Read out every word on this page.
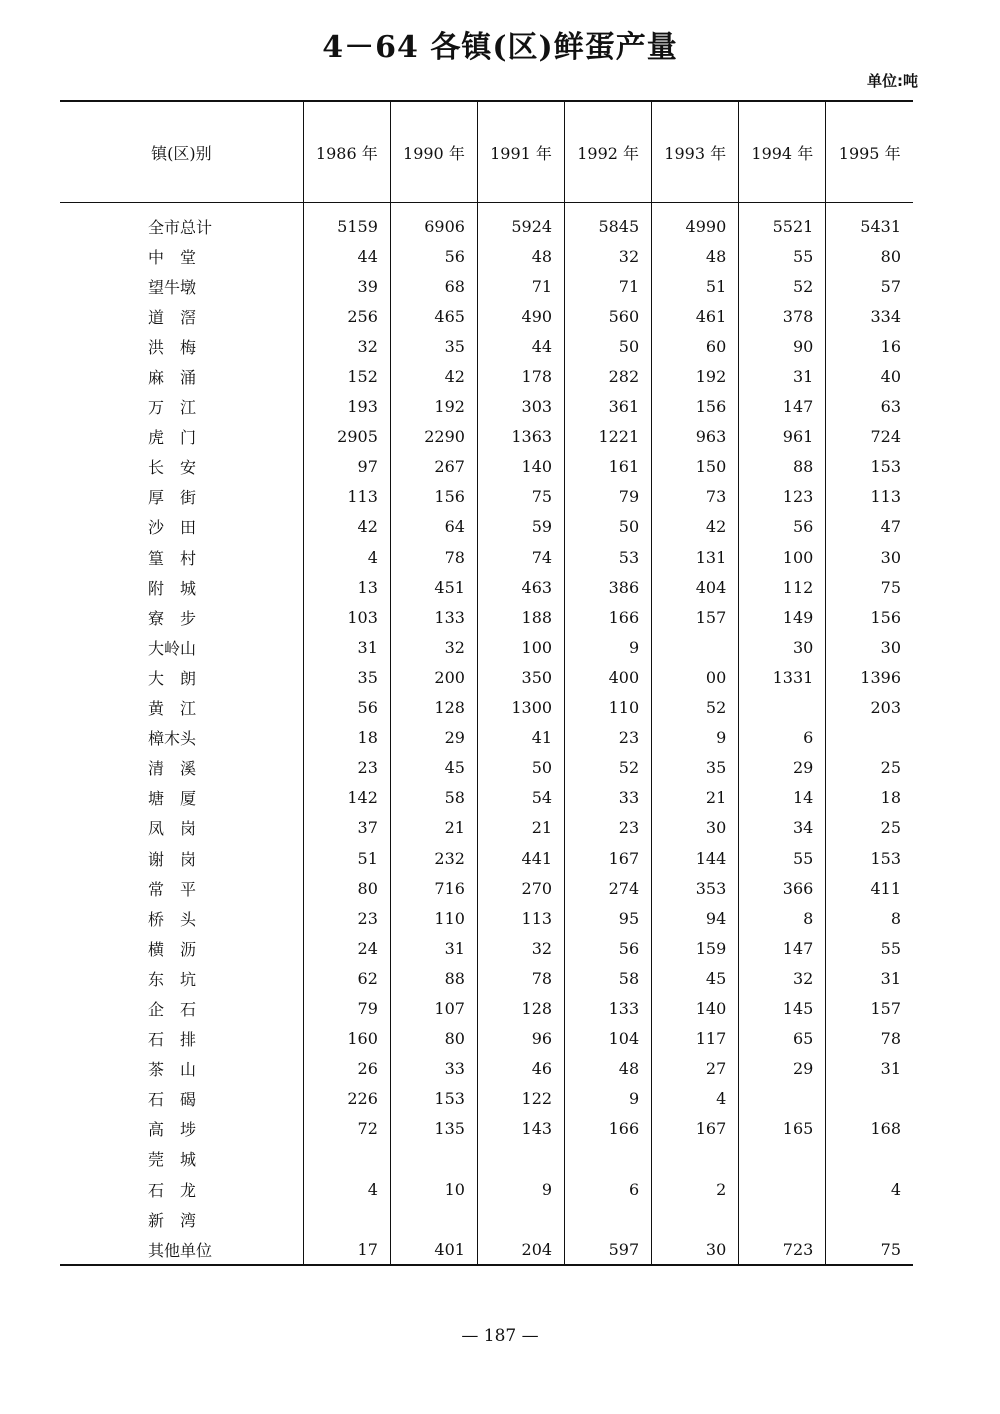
4－64 各镇(区)鲜蛋产量
单位:吨
镇(区)别	1986 年	1990 年	1991 年	1992 年	1993 年	1994 年	1995 年
全市总计	5159	6906	5924	5845	4990	5521	5431
中　堂	44	56	48	32	48	55	80
望牛墩	39	68	71	71	51	52	57
道　滘	256	465	490	560	461	378	334
洪　梅	32	35	44	50	60	90	16
麻　涌	152	42	178	282	192	31	40
万　江	193	192	303	361	156	147	63
虎　门	2905	2290	1363	1221	963	961	724
长　安	97	267	140	161	150	88	153
厚　街	113	156	75	79	73	123	113
沙　田	42	64	59	50	42	56	47
篁　村	4	78	74	53	131	100	30
附　城	13	451	463	386	404	112	75
寮　步	103	133	188	166	157	149	156
大岭山	31	32	100	9		30	30
大　朗	35	200	350	400	00	1331	1396
黄　江	56	128	1300	110	52		203
樟木头	18	29	41	23	9	6	
清　溪	23	45	50	52	35	29	25
塘　厦	142	58	54	33	21	14	18
凤　岗	37	21	21	23	30	34	25
谢　岗	51	232	441	167	144	55	153
常　平	80	716	270	274	353	366	411
桥　头	23	110	113	95	94	8	8
横　沥	24	31	32	56	159	147	55
东　坑	62	88	78	58	45	32	31
企　石	79	107	128	133	140	145	157
石　排	160	80	96	104	117	65	78
茶　山	26	33	46	48	27	29	31
石　碣	226	153	122	9	4		
高　埗	72	135	143	166	167	165	168
莞　城							
石　龙	4	10	9	6	2		4
新　湾							
其他单位	17	401	204	597	30	723	75
— 187 —
